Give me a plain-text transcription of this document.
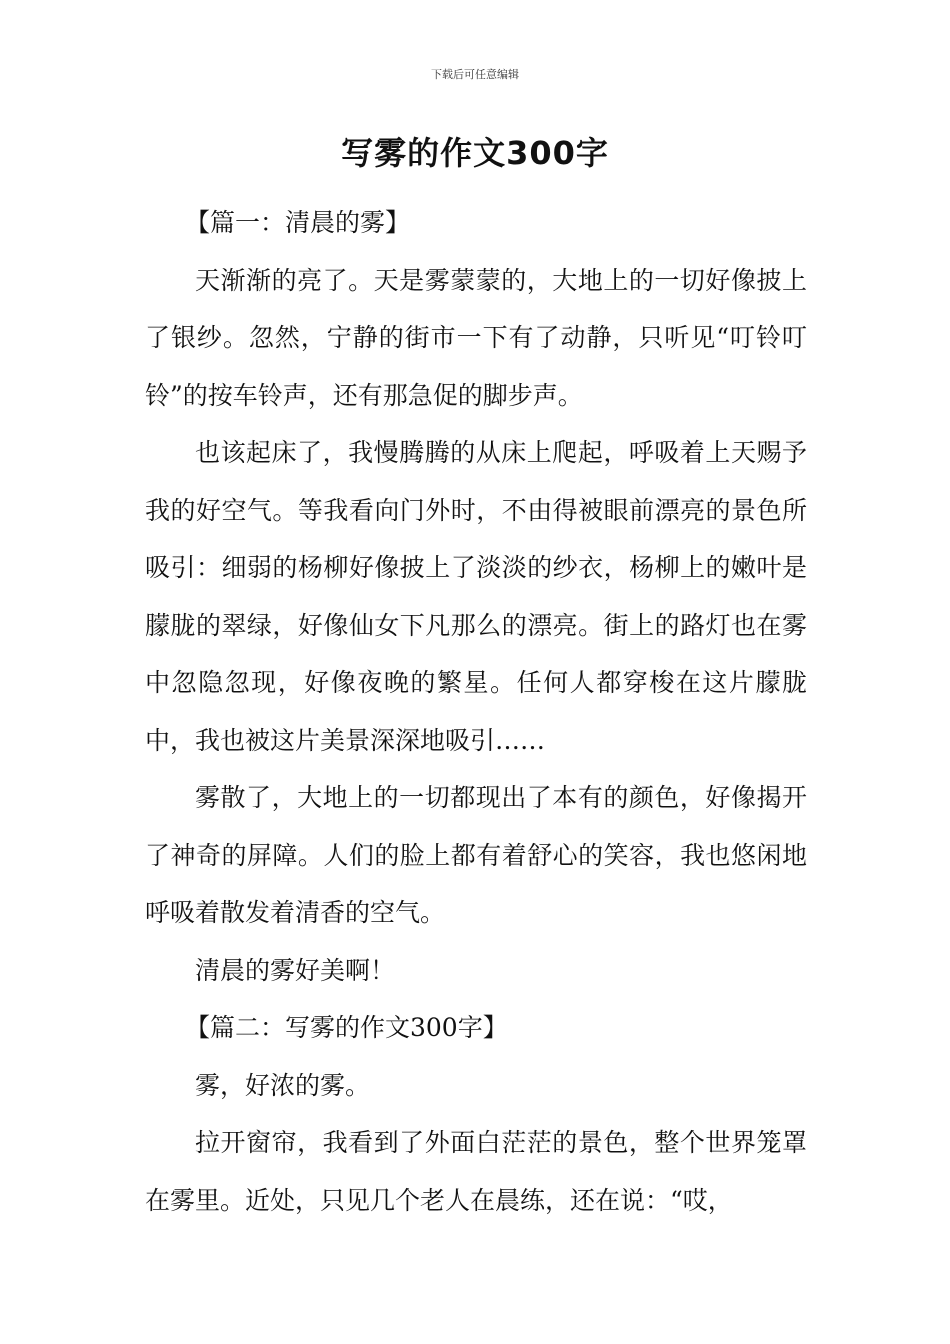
下载后可任意编辑
写雾的作文300字

【篇一：清晨的雾】

天渐渐的亮了。天是雾蒙蒙的，大地上的一切好像披上了银纱。忽然，宁静的街市一下有了动静，只听见“叮铃叮铃”的按车铃声，还有那急促的脚步声。

也该起床了，我慢腾腾的从床上爬起，呼吸着上天赐予我的好空气。等我看向门外时，不由得被眼前漂亮的景色所吸引：细弱的杨柳好像披上了淡淡的纱衣，杨柳上的嫩叶是朦胧的翠绿，好像仙女下凡那么的漂亮。街上的路灯也在雾中忽隐忽现，好像夜晚的繁星。任何人都穿梭在这片朦胧中，我也被这片美景深深地吸引……

雾散了，大地上的一切都现出了本有的颜色，好像揭开了神奇的屏障。人们的脸上都有着舒心的笑容，我也悠闲地呼吸着散发着清香的空气。

清晨的雾好美啊！

【篇二：写雾的作文300字】

雾，好浓的雾。

拉开窗帘，我看到了外面白茫茫的景色，整个世界笼罩在雾里。近处，只见几个老人在晨练，还在说：“哎，
